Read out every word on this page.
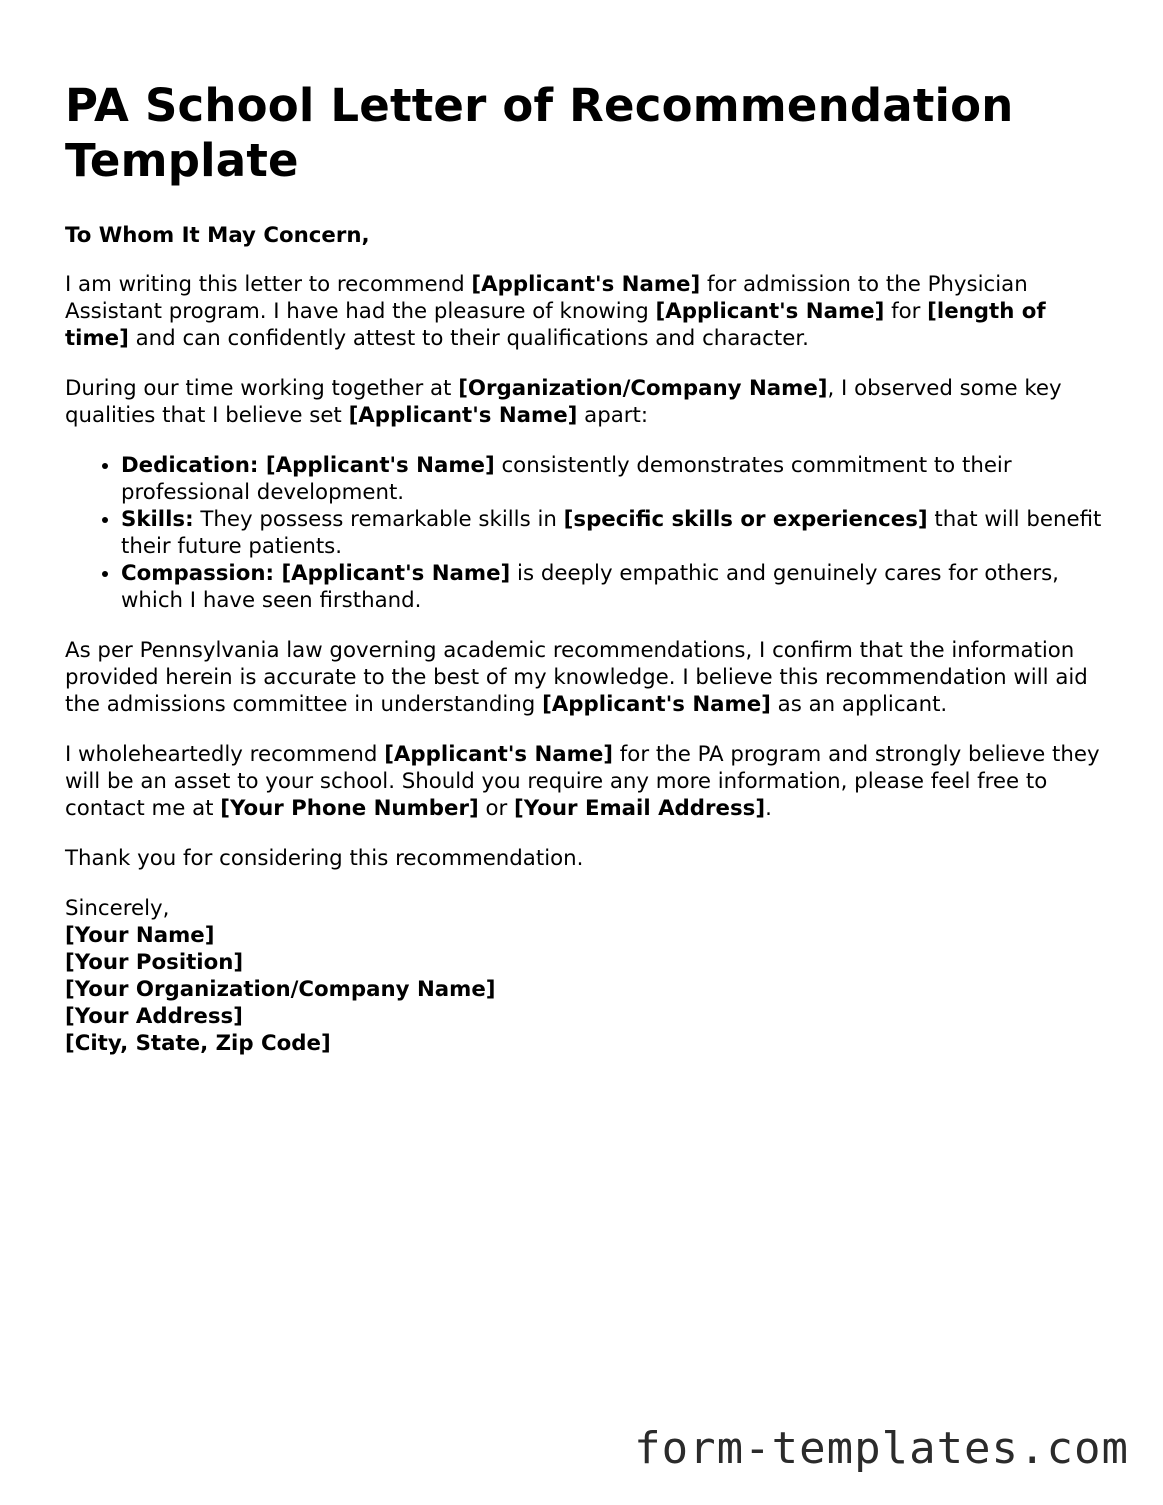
PA School Letter of Recommendation Template

To Whom It May Concern,

I am writing this letter to recommend [Applicant's Name] for admission to the Physician Assistant program. I have had the pleasure of knowing [Applicant's Name] for [length of time] and can confidently attest to their qualifications and character.

During our time working together at [Organization/Company Name], I observed some key qualities that I believe set [Applicant's Name] apart:

• Dedication: [Applicant's Name] consistently demonstrates commitment to their professional development.
• Skills: They possess remarkable skills in [specific skills or experiences] that will benefit their future patients.
• Compassion: [Applicant's Name] is deeply empathic and genuinely cares for others, which I have seen firsthand.

As per Pennsylvania law governing academic recommendations, I confirm that the information provided herein is accurate to the best of my knowledge. I believe this recommendation will aid the admissions committee in understanding [Applicant's Name] as an applicant.

I wholeheartedly recommend [Applicant's Name] for the PA program and strongly believe they will be an asset to your school. Should you require any more information, please feel free to contact me at [Your Phone Number] or [Your Email Address].

Thank you for considering this recommendation.

Sincerely,
[Your Name]
[Your Position]
[Your Organization/Company Name]
[Your Address]
[City, State, Zip Code]
form-templates.com
